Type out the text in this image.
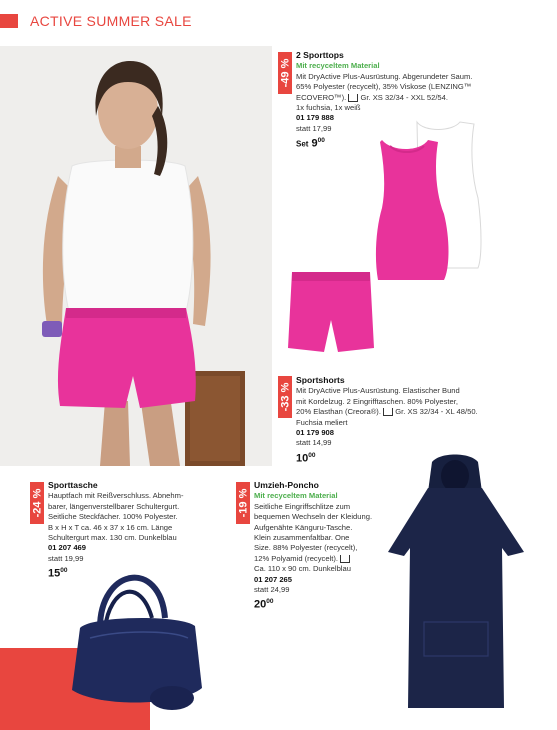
ACTIVE SUMMER SALE
-49 %
2 Sporttops
Mit recyceltem Material
Mit DryActive Plus-Ausrüstung. Abgerundeter Saum.
65% Polyester (recycelt), 35% Viskose (LENZING™
ECOVERO™). Gr. XS 32/34 - XXL 52/54.
1x fuchsia, 1x weiß
01 179 888
statt 17,99
Set $9^{00}$
-33 %
Sportshorts
Mit DryActive Plus-Ausrüstung. Elastischer Bund
mit Kordelzug. 2 Eingrifftaschen. 80% Polyester,
20% Elasthan (Creora®). Gr. XS 32/34 - XL 48/50.
Fuchsia meliert
01 179 908
statt 14,99
$10^{00}$
-24 %
Sporttasche
Hauptfach mit Reißverschluss. Abnehm-
barer, längenverstellbarer Schultergurt.
Seitliche Steckfächer. 100% Polyester.
B x H x T ca. 46 x 37 x 16 cm. Länge
Schultergurt max. 130 cm. Dunkelblau
01 207 469
statt 19,99
$15^{00}$
-19 %
Umzieh-Poncho
Mit recyceltem Material
Seitliche Eingriffschlitze zum
bequemen Wechseln der Kleidung.
Aufgenähte Känguru-Tasche.
Klein zusammenfaltbar. One
Size. 88% Polyester (recycelt),
12% Polyamid (recycelt).
Ca. 110 x 90 cm. Dunkelblau
01 207 265
statt 24,99
$20^{00}$
